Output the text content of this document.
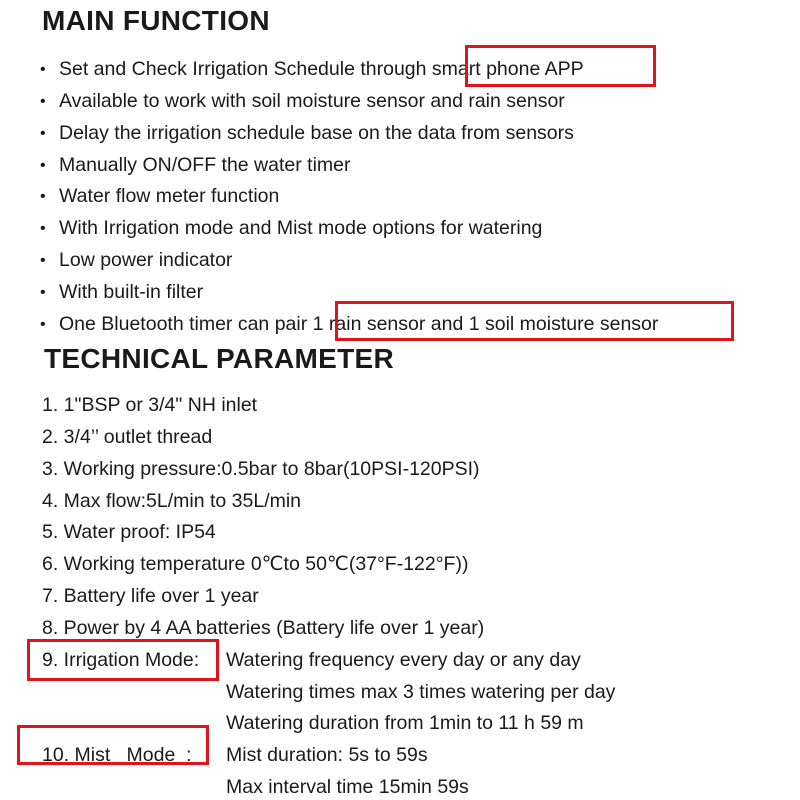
MAIN FUNCTION
• Set and Check Irrigation Schedule through smart phone APP
• Available to work with soil moisture sensor and rain sensor
• Delay the irrigation schedule base on the data from sensors
• Manually ON/OFF the water timer
• Water flow meter function
• With Irrigation mode and Mist mode options for watering
• Low power indicator
• With built-in filter
• One Bluetooth timer can pair 1 rain sensor and 1 soil moisture sensor
TECHNICAL PARAMETER
1. 1"BSP or 3/4" NH inlet
2. 3/4’’ outlet thread
3. Working pressure:0.5bar to 8bar(10PSI-120PSI)
4. Max flow:5L/min to 35L/min
5. Water proof: IP54
6. Working temperature 0℃to 50℃(37°F-122°F))
7. Battery life over 1 year
8. Power by 4 AA batteries (Battery life over 1 year)
9. Irrigation Mode: Watering frequency every day or any day
Watering times max 3 times watering per day
Watering duration from 1min to 11 h 59 m
10. Mist   Mode  : Mist duration: 5s to 59s
Max interval time 15min 59s
